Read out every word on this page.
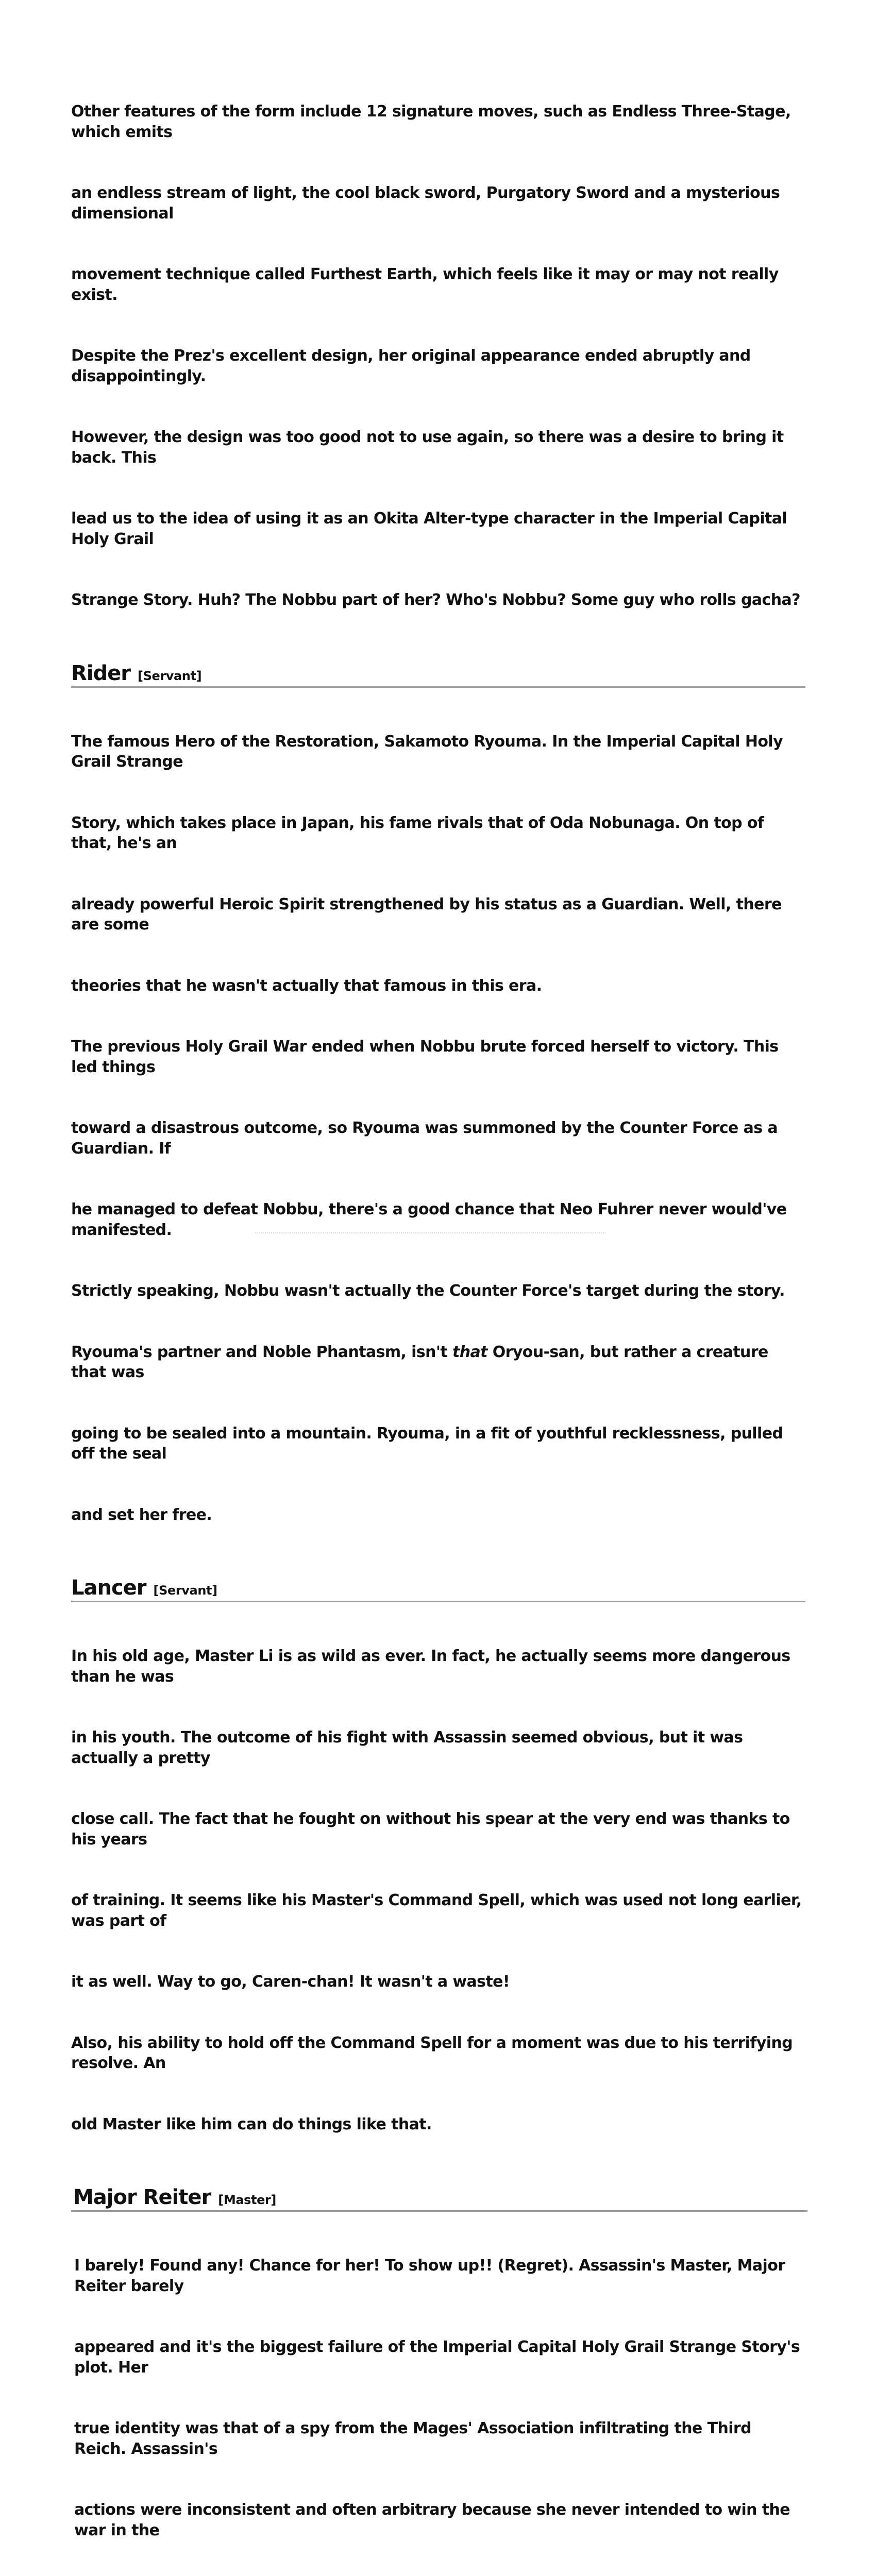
Other features of the form include 12 signature moves, such as Endless Three-Stage, which emits

an endless stream of light, the cool black sword, Purgatory Sword and a mysterious dimensional

movement technique called Furthest Earth, which feels like it may or may not really exist.

Despite the Prez's excellent design, her original appearance ended abruptly and disappointingly.

However, the design was too good not to use again, so there was a desire to bring it back. This

lead us to the idea of using it as an Okita Alter-type character in the Imperial Capital Holy Grail

Strange Story. Huh? The Nobbu part of her? Who's Nobbu? Some guy who rolls gacha?

Rider [Servant]

The famous Hero of the Restoration, Sakamoto Ryouma. In the Imperial Capital Holy Grail Strange

Story, which takes place in Japan, his fame rivals that of Oda Nobunaga. On top of that, he's an

already powerful Heroic Spirit strengthened by his status as a Guardian. Well, there are some

theories that he wasn't actually that famous in this era.

The previous Holy Grail War ended when Nobbu brute forced herself to victory. This led things

toward a disastrous outcome, so Ryouma was summoned by the Counter Force as a Guardian. If

he managed to defeat Nobbu, there's a good chance that Neo Fuhrer never would've manifested.

Strictly speaking, Nobbu wasn't actually the Counter Force's target during the story.

Ryouma's partner and Noble Phantasm, isn't that Oryou-san, but rather a creature that was

going to be sealed into a mountain. Ryouma, in a fit of youthful recklessness, pulled off the seal

and set her free.

Lancer [Servant]

In his old age, Master Li is as wild as ever. In fact, he actually seems more dangerous than he was

in his youth. The outcome of his fight with Assassin seemed obvious, but it was actually a pretty

close call. The fact that he fought on without his spear at the very end was thanks to his years

of training. It seems like his Master's Command Spell, which was used not long earlier, was part of

it as well. Way to go, Caren-chan! It wasn't a waste!

Also, his ability to hold off the Command Spell for a moment was due to his terrifying resolve. An

old Master like him can do things like that.

Major Reiter [Master]

I barely! Found any! Chance for her! To show up!! (Regret). Assassin's Master, Major Reiter barely

appeared and it's the biggest failure of the Imperial Capital Holy Grail Strange Story's plot. Her

true identity was that of a spy from the Mages' Association infiltrating the Third Reich. Assassin's

actions were inconsistent and often arbitrary because she never intended to win the war in the
